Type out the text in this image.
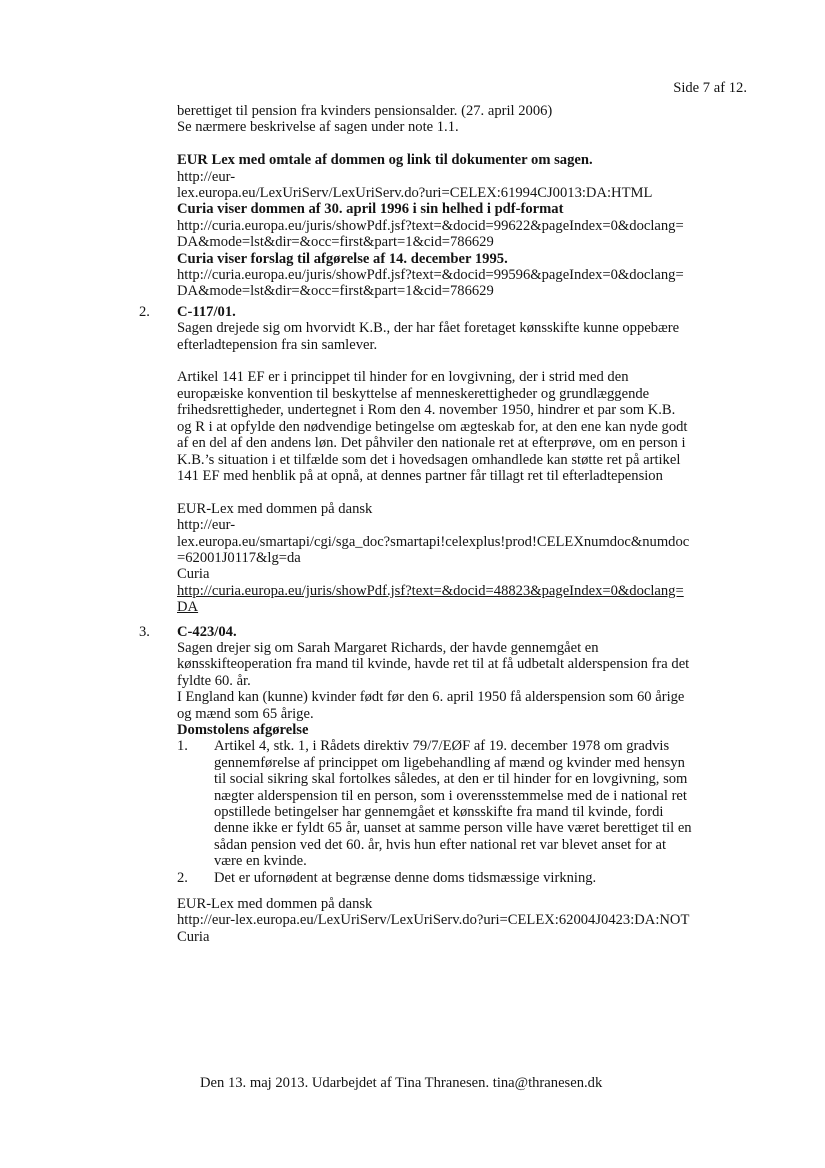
Side 7 af 12.
berettiget til pension fra kvinders pensionsalder. (27. april 2006)
Se nærmere beskrivelse af sagen under note 1.1.
EUR Lex med omtale af dommen og link til dokumenter om sagen.
http://eur-
lex.europa.eu/LexUriServ/LexUriServ.do?uri=CELEX:61994CJ0013:DA:HTML
Curia viser dommen af 30. april 1996 i sin helhed i pdf-format
http://curia.europa.eu/juris/showPdf.jsf?text=&docid=99622&pageIndex=0&doclang=
DA&mode=lst&dir=&occ=first&part=1&cid=786629
Curia viser forslag til afgørelse af 14. december 1995.
http://curia.europa.eu/juris/showPdf.jsf?text=&docid=99596&pageIndex=0&doclang=
DA&mode=lst&dir=&occ=first&part=1&cid=786629
2. C-117/01.
Sagen drejede sig om hvorvidt K.B., der har fået foretaget kønsskifte kunne oppebære
efterladtepension fra sin samlever.
Artikel 141 EF er i princippet til hinder for en lovgivning, der i strid med den
europæiske konvention til beskyttelse af menneskerettigheder og grundlæggende
frihedsrettigheder, undertegnet i Rom den 4. november 1950, hindrer et par som K.B.
og R i at opfylde den nødvendige betingelse om ægteskab for, at den ene kan nyde godt
af en del af den andens løn. Det påhviler den nationale ret at efterprøve, om en person i
K.B.’s situation i et tilfælde som det i hovedsagen omhandlede kan støtte ret på artikel
141 EF med henblik på at opnå, at dennes partner får tillagt ret til efterladtepension
EUR-Lex med dommen på dansk
http://eur-
lex.europa.eu/smartapi/cgi/sga_doc?smartapi!celexplus!prod!CELEXnumdoc&numdoc
=62001J0117&lg=da
Curia
http://curia.europa.eu/juris/showPdf.jsf?text=&docid=48823&pageIndex=0&doclang=
DA
3. C-423/04.
Sagen drejer sig om Sarah Margaret Richards, der havde gennemgået en
kønsskifteoperation fra mand til kvinde, havde ret til at få udbetalt alderspension fra det
fyldte 60. år.
I England kan (kunne) kvinder født før den 6. april 1950 få alderspension som 60 årige
og mænd som 65 årige.
Domstolens afgørelse
1. Artikel 4, stk. 1, i Rådets direktiv 79/7/EØF af 19. december 1978 om gradvis
gennemførelse af princippet om ligebehandling af mænd og kvinder med hensyn
til social sikring skal fortolkes således, at den er til hinder for en lovgivning, som
nægter alderspension til en person, som i overensstemmelse med de i national ret
opstillede betingelser har gennemgået et kønsskifte fra mand til kvinde, fordi
denne ikke er fyldt 65 år, uanset at samme person ville have været berettiget til en
sådan pension ved det 60. år, hvis hun efter national ret var blevet anset for at
være en kvinde.
2. Det er ufornødent at begrænse denne doms tidsmæssige virkning.
EUR-Lex med dommen på dansk
http://eur-lex.europa.eu/LexUriServ/LexUriServ.do?uri=CELEX:62004J0423:DA:NOT
Curia
Den 13. maj 2013. Udarbejdet af Tina Thranesen. tina@thranesen.dk
